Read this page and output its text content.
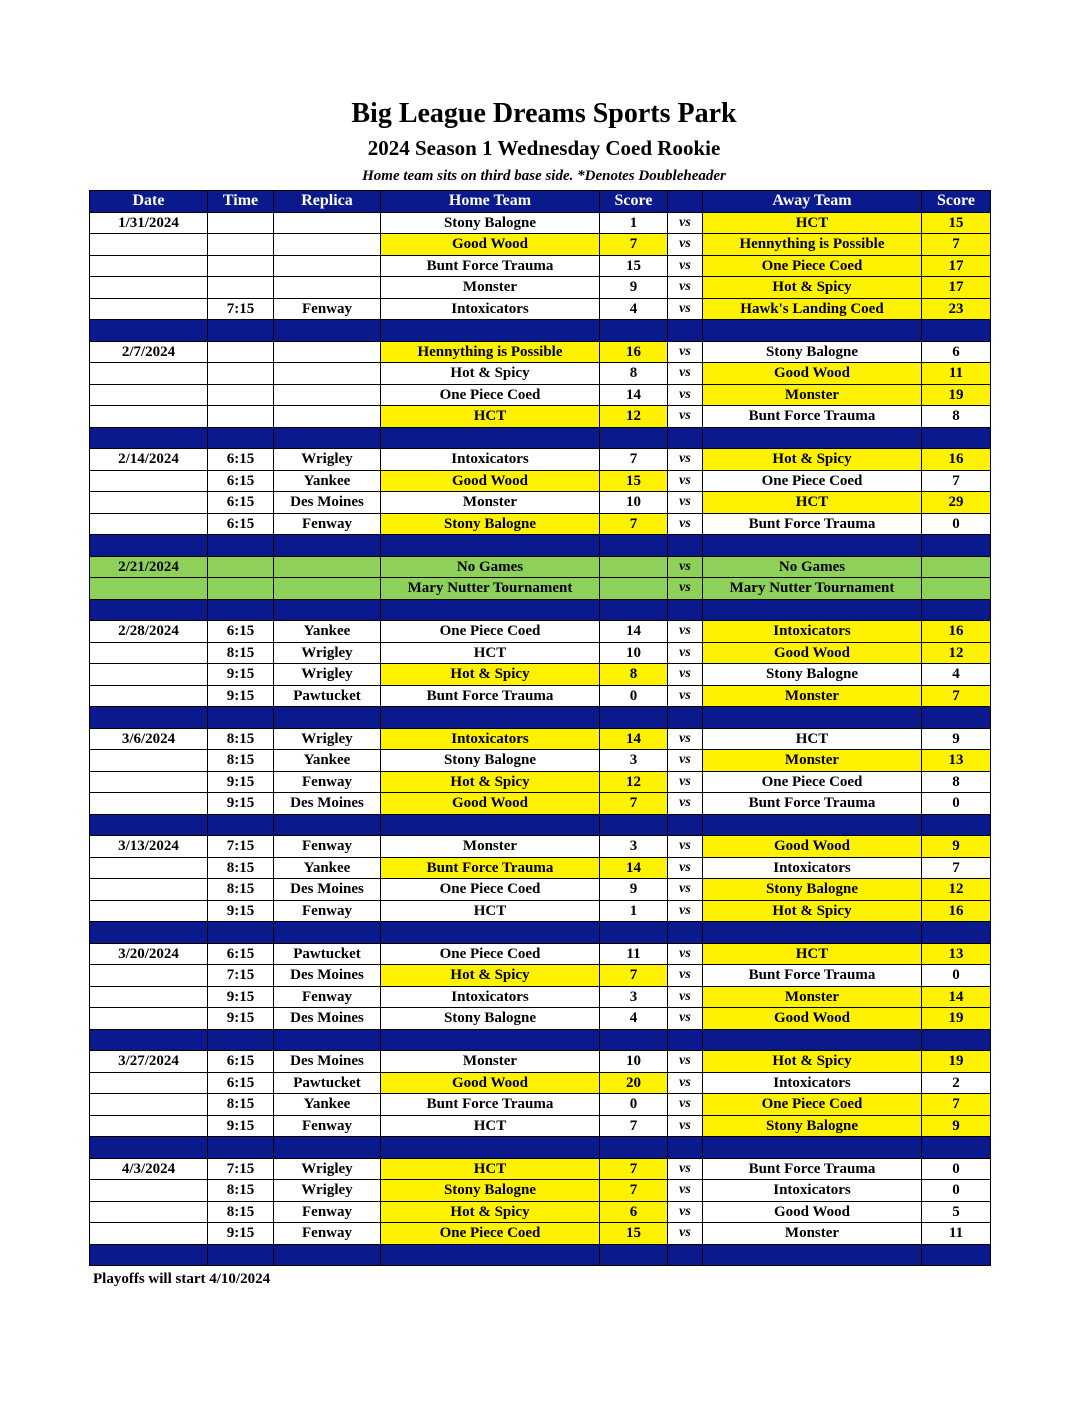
Big League Dreams Sports Park
2024 Season 1 Wednesday Coed Rookie
Home team sits on third base side. *Denotes Doubleheader
Date	Time	Replica	Home Team	Score		Away Team	Score
1/31/2024			Stony Balogne	1	vs	HCT	15
			Good Wood	7	vs	Hennything is Possible	7
			Bunt Force Trauma	15	vs	One Piece Coed	17
			Monster	9	vs	Hot & Spicy	17
	7:15	Fenway	Intoxicators	4	vs	Hawk's Landing Coed	23

2/7/2024			Hennything is Possible	16	vs	Stony Balogne	6
			Hot & Spicy	8	vs	Good Wood	11
			One Piece Coed	14	vs	Monster	19
			HCT	12	vs	Bunt Force Trauma	8

2/14/2024	6:15	Wrigley	Intoxicators	7	vs	Hot & Spicy	16
	6:15	Yankee	Good Wood	15	vs	One Piece Coed	7
	6:15	Des Moines	Monster	10	vs	HCT	29
	6:15	Fenway	Stony Balogne	7	vs	Bunt Force Trauma	0

2/21/2024			No Games		vs	No Games	
			Mary Nutter Tournament		vs	Mary Nutter Tournament	

2/28/2024	6:15	Yankee	One Piece Coed	14	vs	Intoxicators	16
	8:15	Wrigley	HCT	10	vs	Good Wood	12
	9:15	Wrigley	Hot & Spicy	8	vs	Stony Balogne	4
	9:15	Pawtucket	Bunt Force Trauma	0	vs	Monster	7

3/6/2024	8:15	Wrigley	Intoxicators	14	vs	HCT	9
	8:15	Yankee	Stony Balogne	3	vs	Monster	13
	9:15	Fenway	Hot & Spicy	12	vs	One Piece Coed	8
	9:15	Des Moines	Good Wood	7	vs	Bunt Force Trauma	0

3/13/2024	7:15	Fenway	Monster	3	vs	Good Wood	9
	8:15	Yankee	Bunt Force Trauma	14	vs	Intoxicators	7
	8:15	Des Moines	One Piece Coed	9	vs	Stony Balogne	12
	9:15	Fenway	HCT	1	vs	Hot & Spicy	16

3/20/2024	6:15	Pawtucket	One Piece Coed	11	vs	HCT	13
	7:15	Des Moines	Hot & Spicy	7	vs	Bunt Force Trauma	0
	9:15	Fenway	Intoxicators	3	vs	Monster	14
	9:15	Des Moines	Stony Balogne	4	vs	Good Wood	19

3/27/2024	6:15	Des Moines	Monster	10	vs	Hot & Spicy	19
	6:15	Pawtucket	Good Wood	20	vs	Intoxicators	2
	8:15	Yankee	Bunt Force Trauma	0	vs	One Piece Coed	7
	9:15	Fenway	HCT	7	vs	Stony Balogne	9

4/3/2024	7:15	Wrigley	HCT	7	vs	Bunt Force Trauma	0
	8:15	Wrigley	Stony Balogne	7	vs	Intoxicators	0
	8:15	Fenway	Hot & Spicy	6	vs	Good Wood	5
	9:15	Fenway	One Piece Coed	15	vs	Monster	11

Playoffs will start 4/10/2024
